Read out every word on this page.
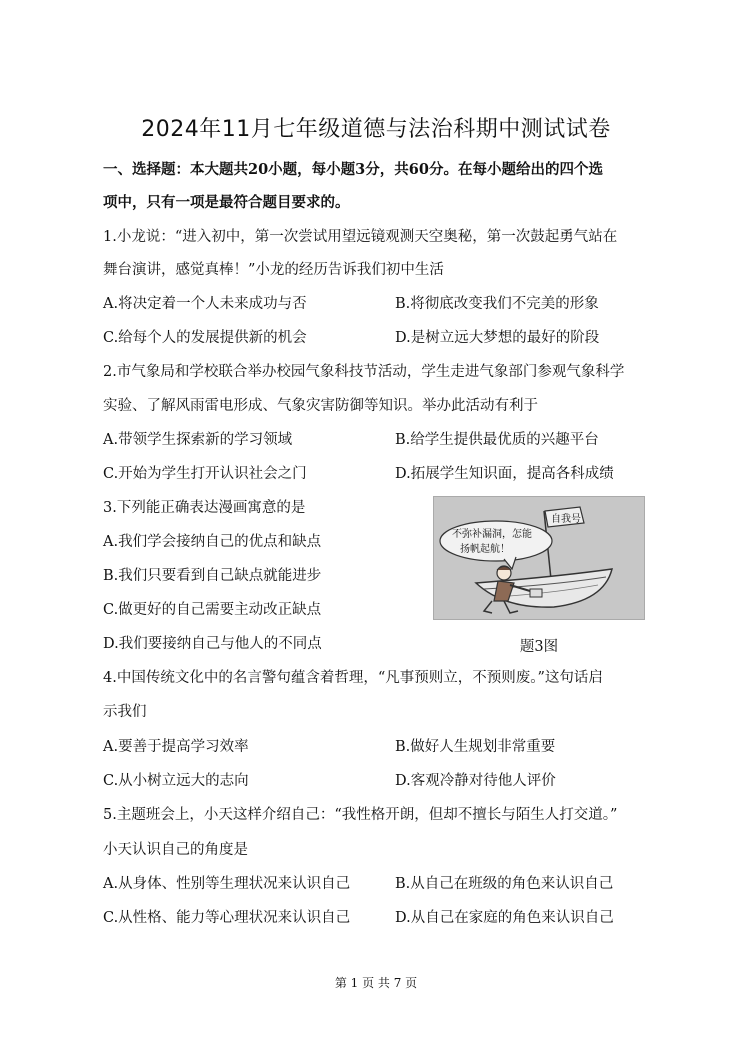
2024年11月七年级道德与法治科期中测试试卷
一、选择题：本大题共20小题，每小题3分，共60分。在每小题给出的四个选
项中，只有一项是最符合题目要求的。
1.小龙说：“进入初中，第一次尝试用望远镜观测天空奥秘，第一次鼓起勇气站在
舞台演讲，感觉真棒！”小龙的经历告诉我们初中生活
A.将决定着一个人未来成功与否	B.将彻底改变我们不完美的形象
C.给每个人的发展提供新的机会	D.是树立远大梦想的最好的阶段
2.市气象局和学校联合举办校园气象科技节活动，学生走进气象部门参观气象科学
实验、了解风雨雷电形成、气象灾害防御等知识。举办此活动有利于
A.带领学生探索新的学习领域	B.给学生提供最优质的兴趣平台
C.开始为学生打开认识社会之门	D.拓展学生知识面，提高各科成绩
3.下列能正确表达漫画寓意的是
A.我们学会接纳自己的优点和缺点
B.我们只要看到自己缺点就能进步
C.做更好的自己需要主动改正缺点
D.我们要接纳自己与他人的不同点
自我号
不弥补漏洞，怎能
扬帆起航！
题3图
4.中国传统文化中的名言警句蕴含着哲理，“凡事预则立，不预则废。”这句话启
示我们
A.要善于提高学习效率	B.做好人生规划非常重要
C.从小树立远大的志向	D.客观冷静对待他人评价
5.主题班会上，小天这样介绍自己：“我性格开朗，但却不擅长与陌生人打交道。”
小天认识自己的角度是
A.从身体、性别等生理状况来认识自己	B.从自己在班级的角色来认识自己
C.从性格、能力等心理状况来认识自己	D.从自己在家庭的角色来认识自己
第 1 页 共 7 页
